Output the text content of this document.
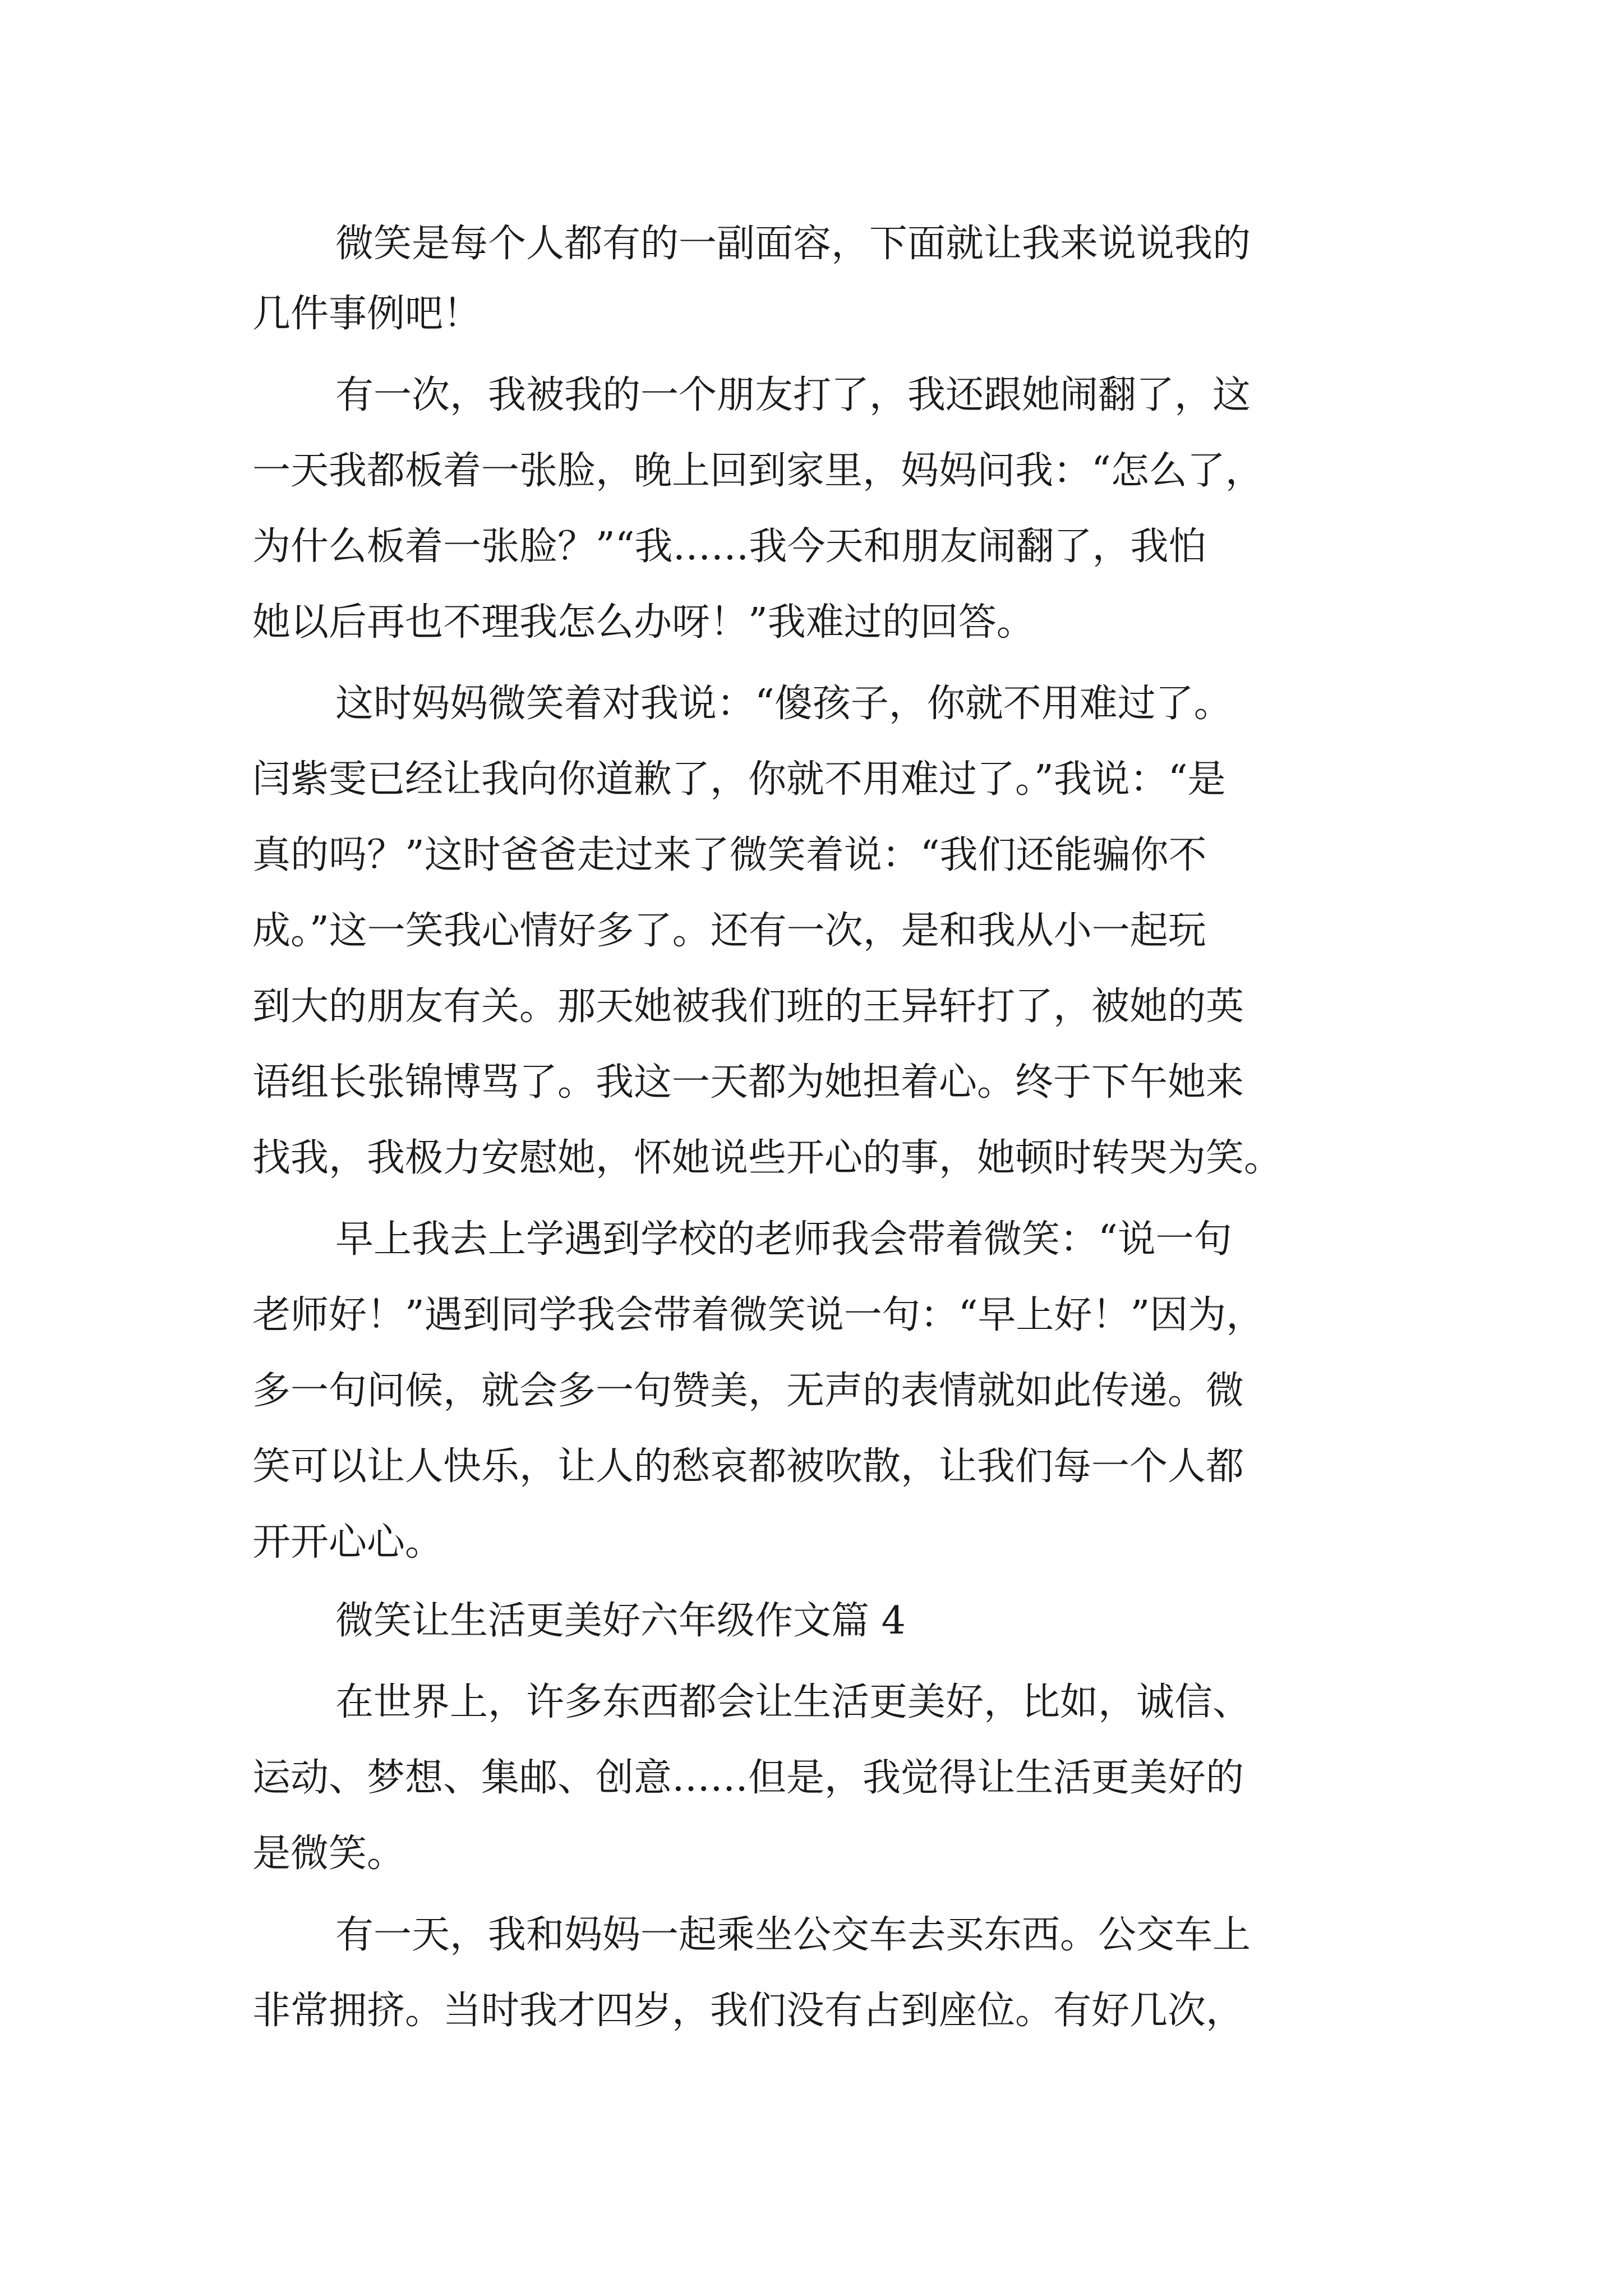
微笑是每个人都有的一副面容，下面就让我来说说我的

几件事例吧！

有一次，我被我的一个朋友打了，我还跟她闹翻了，这

一天我都板着一张脸，晚上回到家里，妈妈问我：“怎么了，

为什么板着一张脸？”“我……我今天和朋友闹翻了，我怕

她以后再也不理我怎么办呀！”我难过的回答。

这时妈妈微笑着对我说：“傻孩子，你就不用难过了。

闫紫雯已经让我向你道歉了，你就不用难过了。”我说：“是

真的吗？”这时爸爸走过来了微笑着说：“我们还能骗你不

成。”这一笑我心情好多了。还有一次，是和我从小一起玩

到大的朋友有关。那天她被我们班的王异轩打了，被她的英

语组长张锦博骂了。我这一天都为她担着心。终于下午她来

找我，我极力安慰她，怀她说些开心的事，她顿时转哭为笑。

早上我去上学遇到学校的老师我会带着微笑：“说一句

老师好！”遇到同学我会带着微笑说一句：“早上好！”因为，

多一句问候，就会多一句赞美，无声的表情就如此传递。微

笑可以让人快乐，让人的愁哀都被吹散，让我们每一个人都

开开心心。

微笑让生活更美好六年级作文篇 4

在世界上，许多东西都会让生活更美好，比如，诚信、

运动、梦想、集邮、创意……但是，我觉得让生活更美好的

是微笑。

有一天，我和妈妈一起乘坐公交车去买东西。公交车上

非常拥挤。当时我才四岁，我们没有占到座位。有好几次，
